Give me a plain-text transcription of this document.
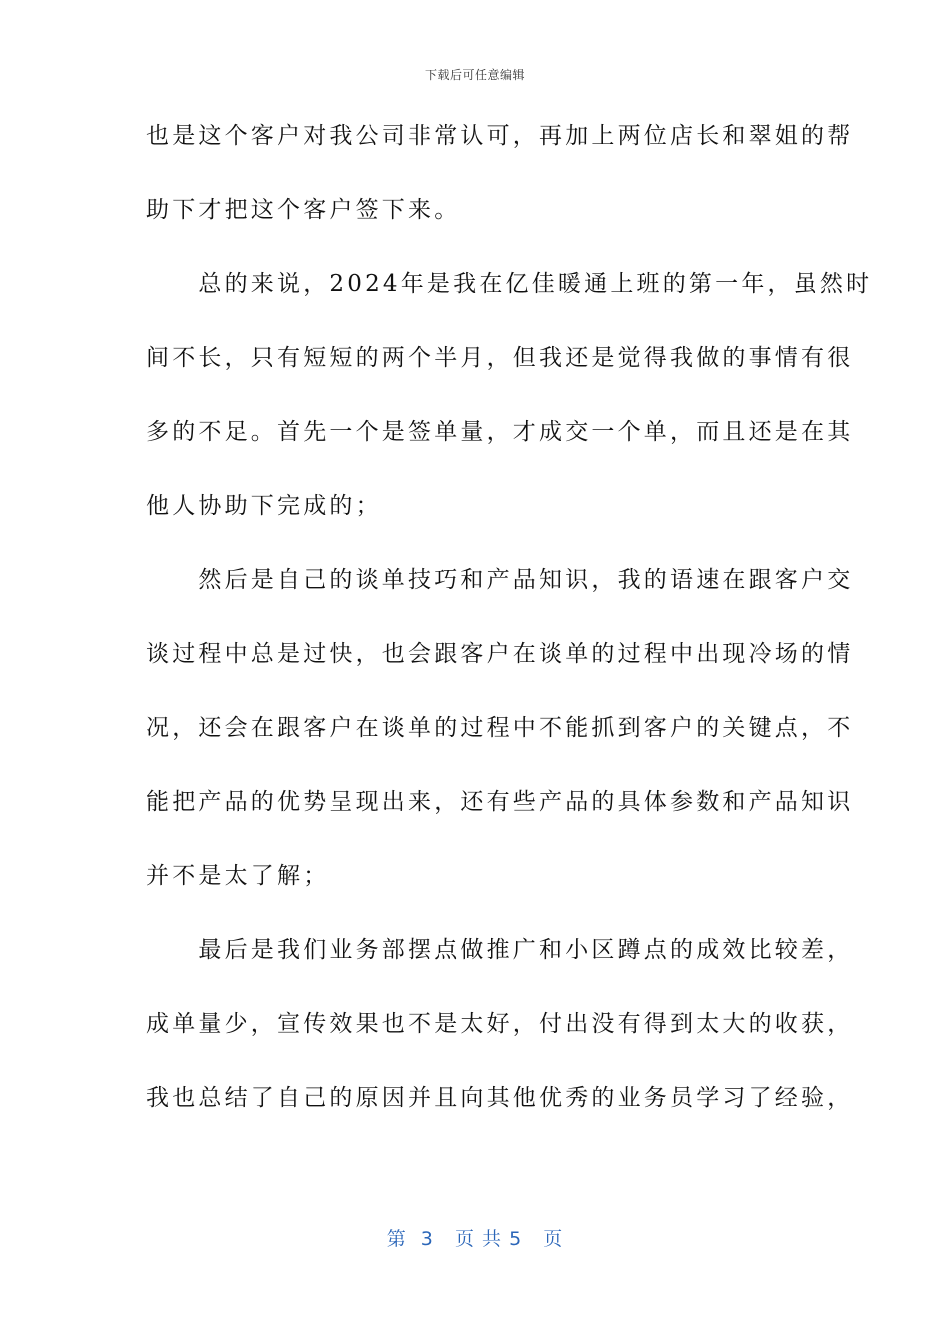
下载后可任意编辑
也是这个客户对我公司非常认可，再加上两位店长和翠姐的帮
助下才把这个客户签下来。
　　总的来说，2024年是我在亿佳暖通上班的第一年，虽然时
间不长，只有短短的两个半月，但我还是觉得我做的事情有很
多的不足。首先一个是签单量，才成交一个单，而且还是在其
他人协助下完成的；
　　然后是自己的谈单技巧和产品知识，我的语速在跟客户交
谈过程中总是过快，也会跟客户在谈单的过程中出现冷场的情
况，还会在跟客户在谈单的过程中不能抓到客户的关键点，不
能把产品的优势呈现出来，还有些产品的具体参数和产品知识
并不是太了解；
　　最后是我们业务部摆点做推广和小区蹲点的成效比较差，
成单量少，宣传效果也不是太好，付出没有得到太大的收获，
我也总结了自己的原因并且向其他优秀的业务员学习了经验，
第  3   页 共 5   页
